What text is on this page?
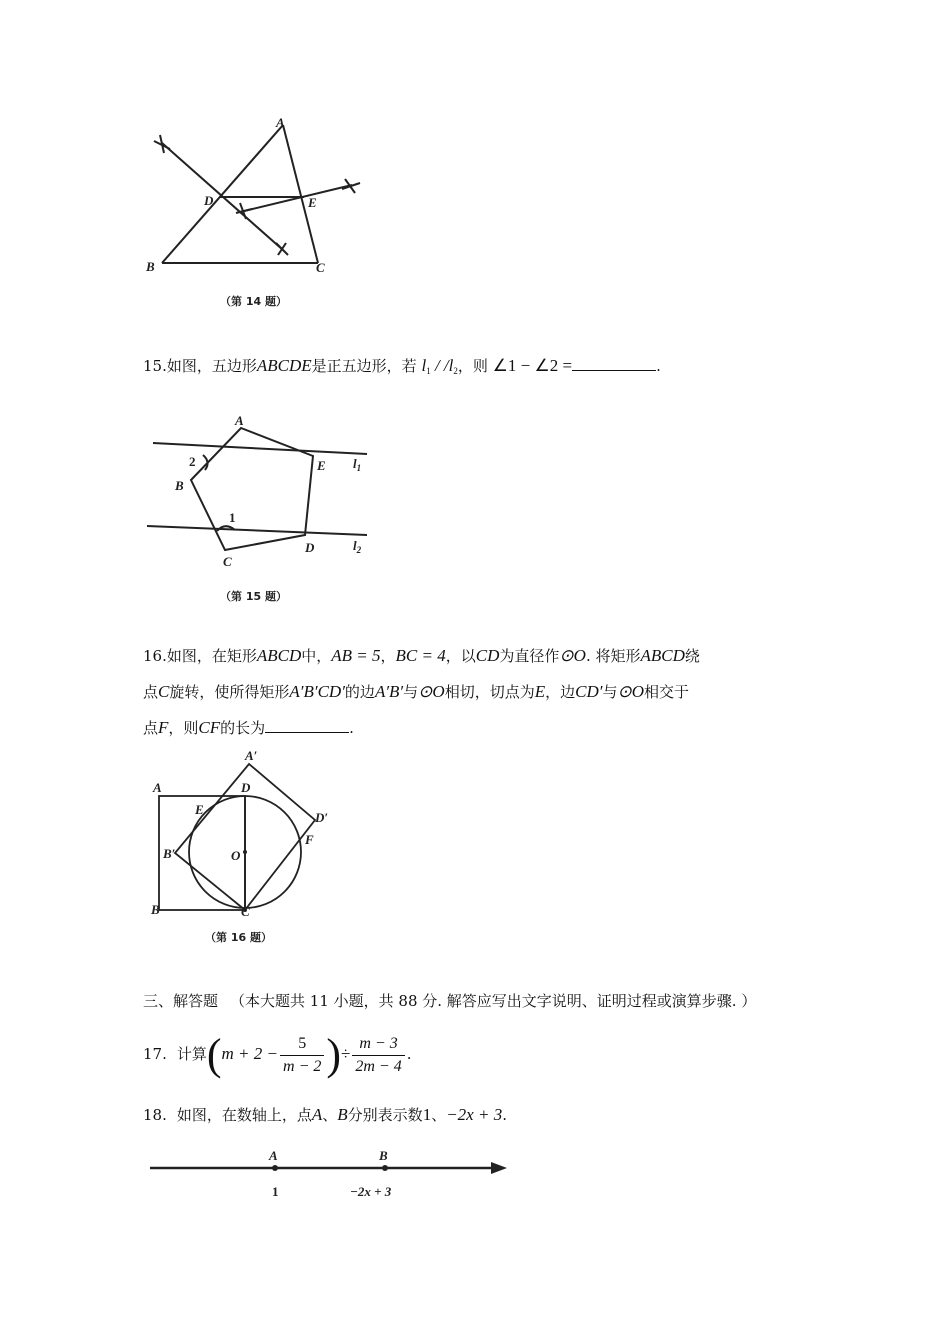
A
B	C
D	E
（第 14 题）
15.如图，五边形ABCDE是正五边形，若 $l_1 / /l_2$，则 ∠1 − ∠2 =	.
A
B
C
D
E
1
2	$l_1$
$l_2$
（第 15 题）
16.如图，在矩形ABCD中，AB = 5，BC = 4，以CD为直径作⊙O. 将矩形ABCD绕
点C旋转，使所得矩形A′B′CD′的边A′B′与⊙O相切，切点为E，边CD′与⊙O相交于
点F，则CF的长为	.
A′
A	D
E
D′
F
B′	O
B	C
（第 16 题）
三、解答题 （本大题共 11 小题，共 88 分. 解答应写出文字说明、证明过程或演算步骤. ）
17. 计算($m + 2 - \frac{5}{m - 2}$ )÷ $\frac{m - 3}{2m - 4}$ .
18. 如图，在数轴上，点A、B分别表示数1、−2x + 3.
A	B
1	−2x + 3
